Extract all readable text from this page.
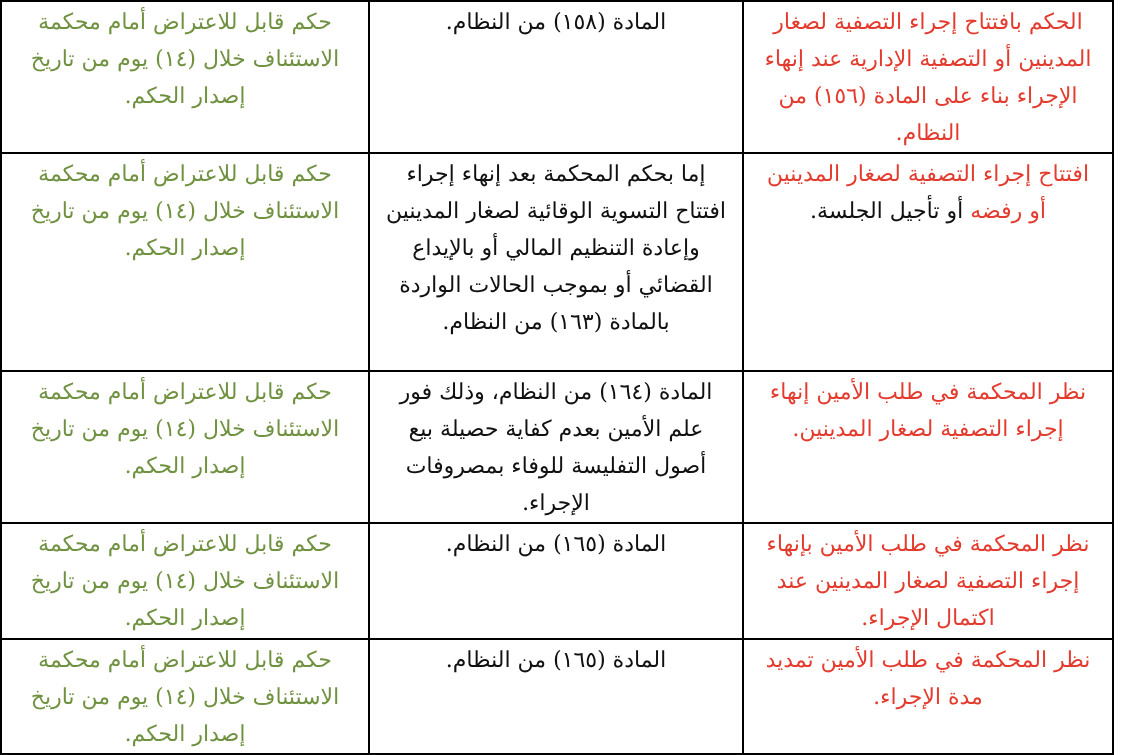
الحكم بافتتاح إجراء التصفية لصغار المدينين أو التصفية الإدارية عند إنهاء الإجراء بناء على المادة (١٥٦) من النظام.	المادة (١٥٨) من النظام.	حكم قابل للاعتراض أمام محكمة الاستئناف خلال (١٤) يوم من تاريخ إصدار الحكم.
افتتاح إجراء التصفية لصغار المدينين أو رفضه أو تأجيل الجلسة.	إما بحكم المحكمة بعد إنهاء إجراء افتتاح التسوية الوقائية لصغار المدينين وإعادة التنظيم المالي أو بالإيداع القضائي أو بموجب الحالات الواردة بالمادة (١٦٣) من النظام.	حكم قابل للاعتراض أمام محكمة الاستئناف خلال (١٤) يوم من تاريخ إصدار الحكم.
نظر المحكمة في طلب الأمين إنهاء إجراء التصفية لصغار المدينين.	المادة (١٦٤) من النظام، وذلك فور علم الأمين بعدم كفاية حصيلة بيع أصول التفليسة للوفاء بمصروفات الإجراء.	حكم قابل للاعتراض أمام محكمة الاستئناف خلال (١٤) يوم من تاريخ إصدار الحكم.
نظر المحكمة في طلب الأمين بإنهاء إجراء التصفية لصغار المدينين عند اكتمال الإجراء.	المادة (١٦٥) من النظام.	حكم قابل للاعتراض أمام محكمة الاستئناف خلال (١٤) يوم من تاريخ إصدار الحكم.
نظر المحكمة في طلب الأمين تمديد مدة الإجراء.	المادة (١٦٥) من النظام.	حكم قابل للاعتراض أمام محكمة الاستئناف خلال (١٤) يوم من تاريخ إصدار الحكم.
